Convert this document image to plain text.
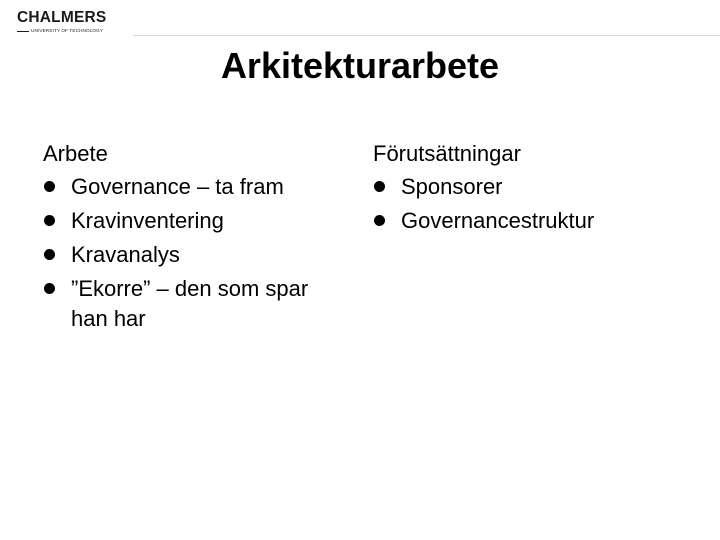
CHALMERS
UNIVERSITY OF TECHNOLOGY
Arkitekturarbete
Arbete
Governance – ta fram
Kravinventering
Kravanalys
”Ekorre” – den som spar han har
Förutsättningar
Sponsorer
Governancestruktur
